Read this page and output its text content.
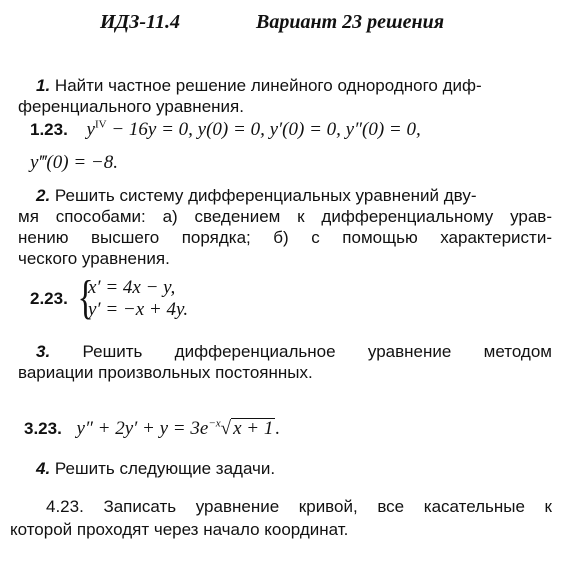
ИДЗ-11.4	Вариант 23 решения
1. Найти частное решение линейного однородного диф-
ференциального уравнения.
1.23. $y^{IV} - 16y = 0$, y(0) = 0, y′(0) = 0, y″(0) = 0,
y‴(0) = −8.
2. Решить систему дифференциальных уравнений дву-
мя способами: а) сведением к дифференциальному урав-
нению высшего порядка; б) с помощью характеристи-
ческого уравнения.
2.23. {
x′ = 4x − y,
y′ = −x + 4y.
3. Решить дифференциальное уравнение методом
вариации произвольных постоянных.
3.23. $y'' + 2y' + y = 3e^{-x}√$ x + 1 .
4. Решить следующие задачи.
4.23. Записать уравнение кривой, все касательные к
которой проходят через начало координат.
